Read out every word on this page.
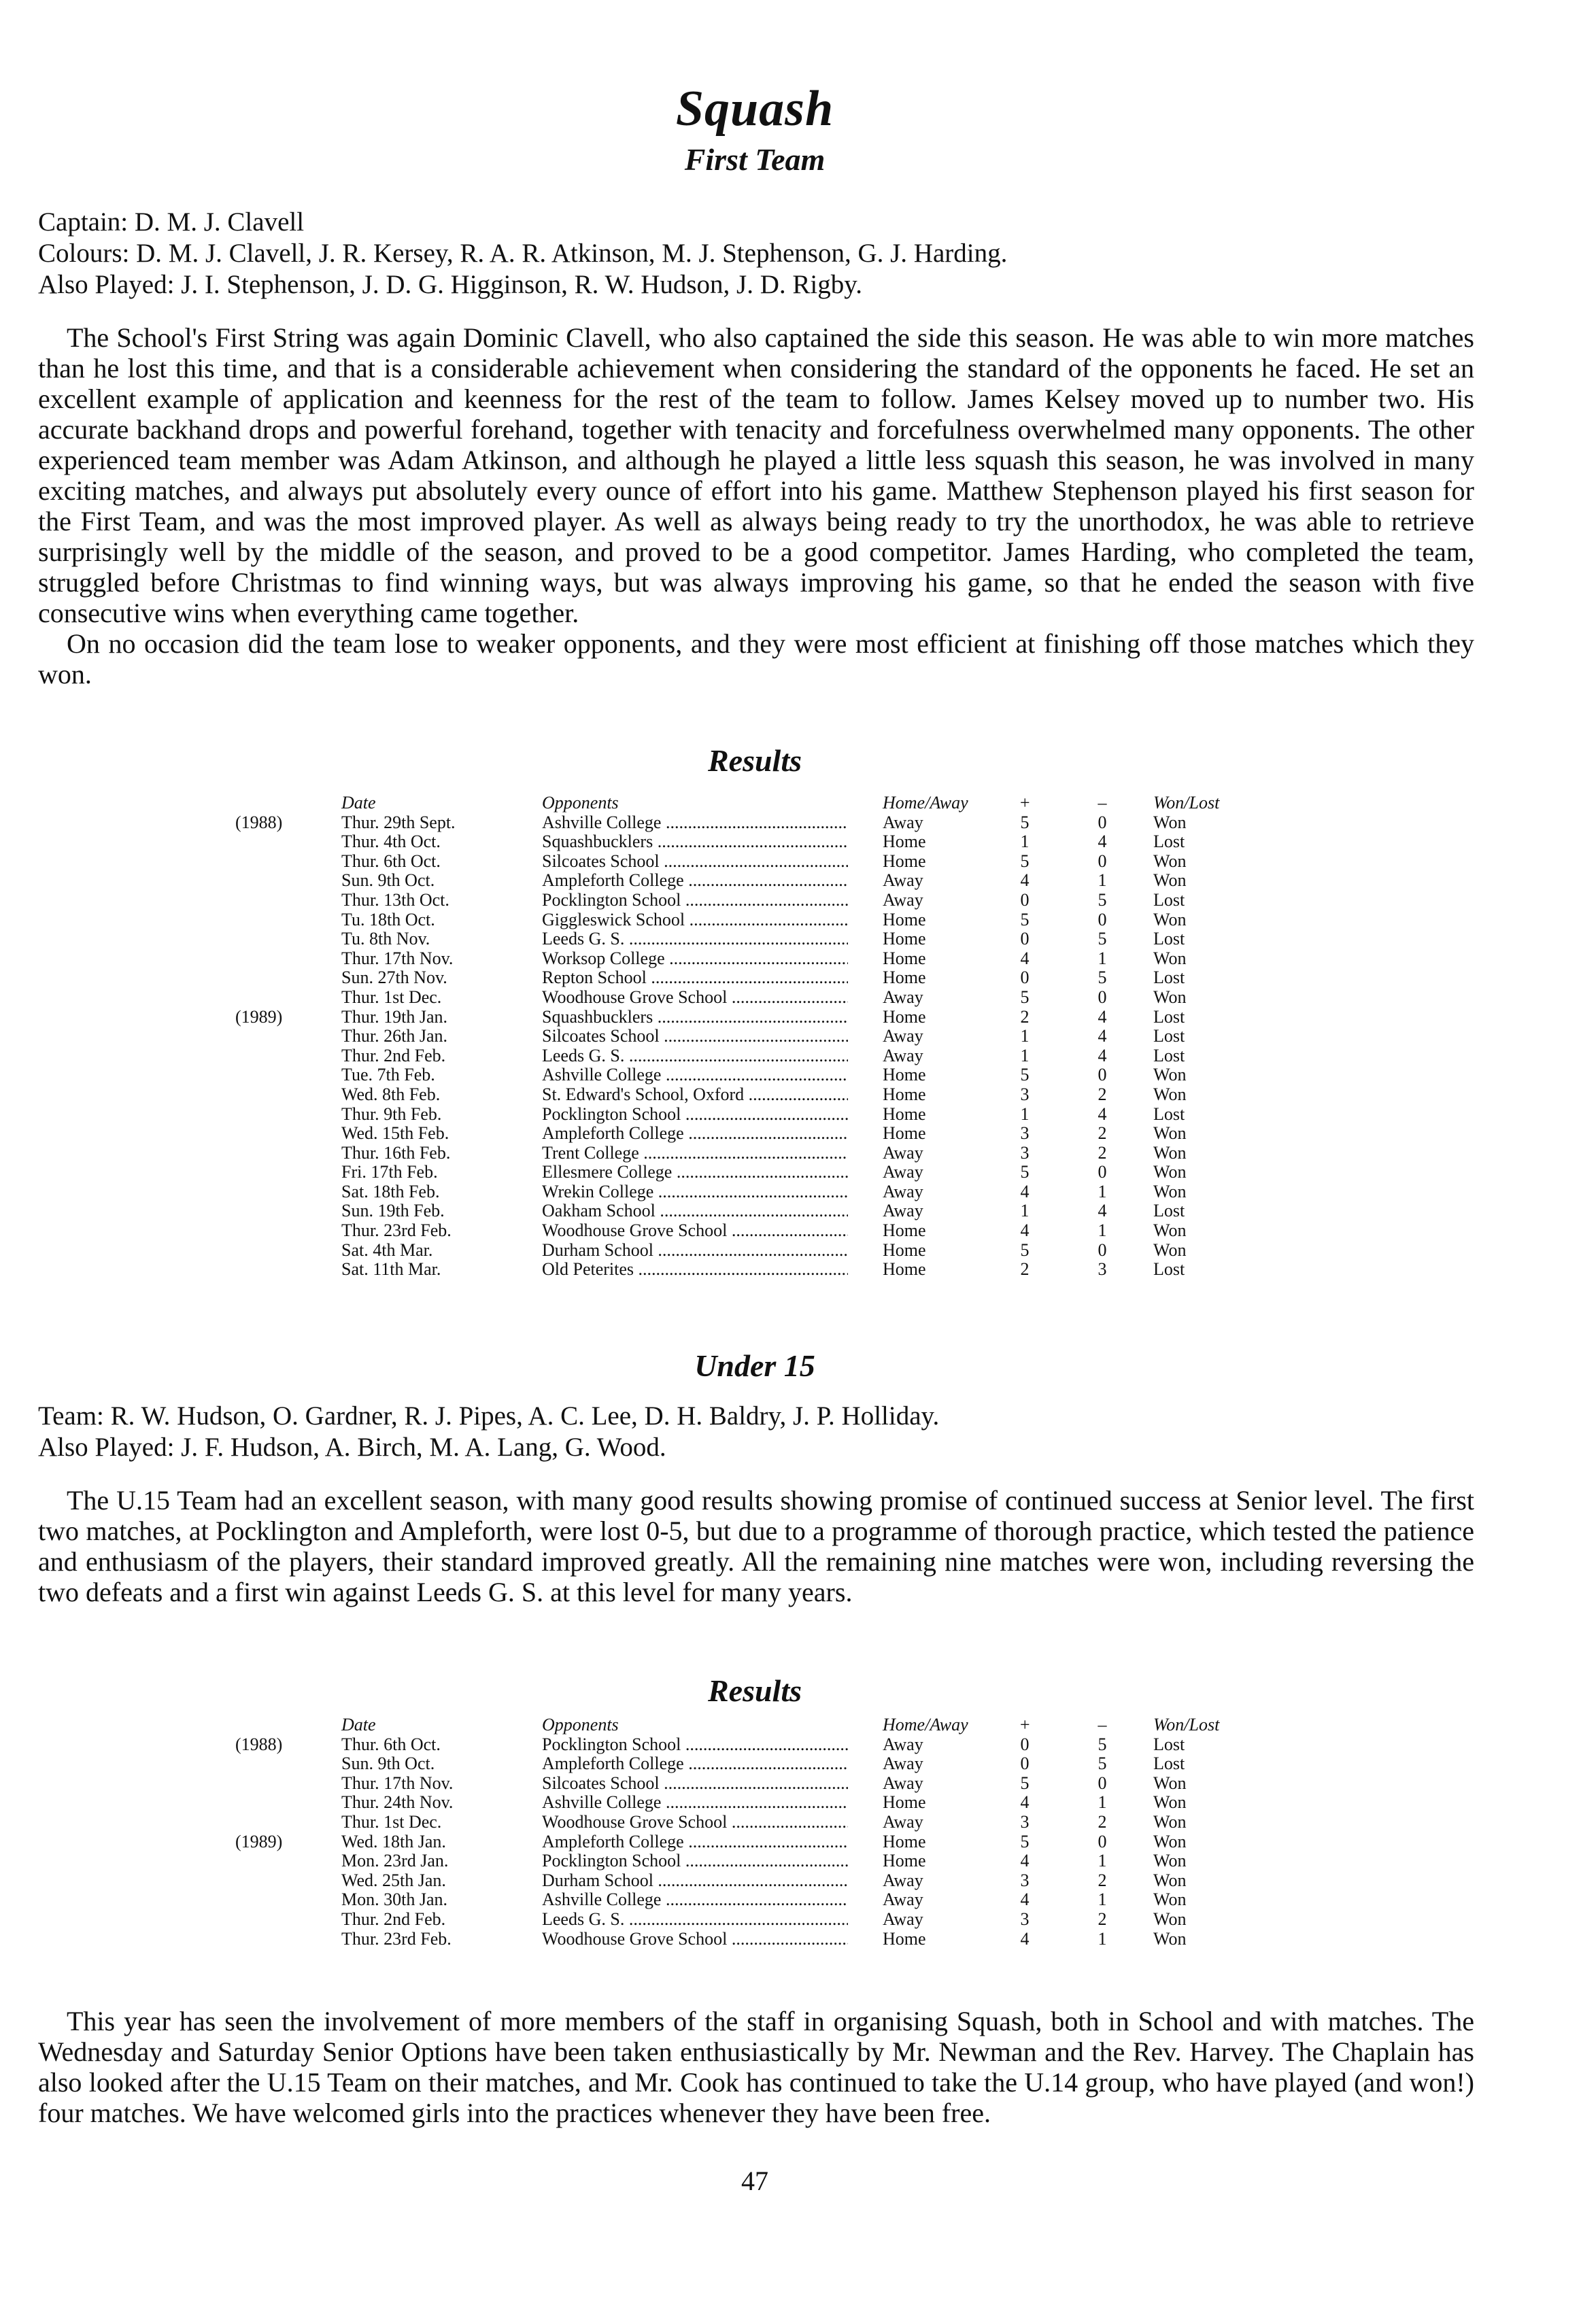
Squash
First Team
Captain: D. M. J. Clavell
Colours: D. M. J. Clavell, J. R. Kersey, R. A. R. Atkinson, M. J. Stephenson, G. J. Harding.
Also Played: J. I. Stephenson, J. D. G. Higginson, R. W. Hudson, J. D. Rigby.

The School's First String was again Dominic Clavell, who also captained the side this season. He was able to win more matches than he lost this time, and that is a considerable achievement when considering the standard of the opponents he faced. He set an excellent example of application and keenness for the rest of the team to follow. James Kelsey moved up to number two. His accurate backhand drops and powerful forehand, together with tenacity and forcefulness overwhelmed many opponents. The other experienced team member was Adam Atkinson, and although he played a little less squash this season, he was involved in many exciting matches, and always put absolutely every ounce of effort into his game. Matthew Stephenson played his first season for the First Team, and was the most improved player. As well as always being ready to try the unorthodox, he was able to retrieve surprisingly well by the middle of the season, and proved to be a good competitor. James Harding, who completed the team, struggled before Christmas to find winning ways, but was always improving his game, so that he ended the season with five consecutive wins when everything came together.

On no occasion did the team lose to weaker opponents, and they were most efficient at finishing off those matches which they won.

Results
Date	Opponents	Home/Away	+	–	Won/Lost
(1988)	Thur. 29th Sept.	Ashville College .....	Away	5	0	Won
Thur. 4th Oct.	Squashbucklers .....	Home	1	4	Lost
Thur. 6th Oct.	Silcoates School .....	Home	5	0	Won
Sun. 9th Oct.	Ampleforth College .....	Away	4	1	Won
Thur. 13th Oct.	Pocklington School .....	Away	0	5	Lost
Tu. 18th Oct.	Giggleswick School .....	Home	5	0	Won
Tu. 8th Nov.	Leeds G. S. .....	Home	0	5	Lost
Thur. 17th Nov.	Worksop College .....	Home	4	1	Won
Sun. 27th Nov.	Repton School .....	Home	0	5	Lost
Thur. 1st Dec.	Woodhouse Grove School .....	Away	5	0	Won
(1989)	Thur. 19th Jan.	Squashbucklers .....	Home	2	4	Lost
Thur. 26th Jan.	Silcoates School .....	Away	1	4	Lost
Thur. 2nd Feb.	Leeds G. S. .....	Away	1	4	Lost
Tue. 7th Feb.	Ashville College .....	Home	5	0	Won
Wed. 8th Feb.	St. Edward's School, Oxford .....	Home	3	2	Won
Thur. 9th Feb.	Pocklington School .....	Home	1	4	Lost
Wed. 15th Feb.	Ampleforth College .....	Home	3	2	Won
Thur. 16th Feb.	Trent College .....	Away	3	2	Won
Fri. 17th Feb.	Ellesmere College .....	Away	5	0	Won
Sat. 18th Feb.	Wrekin College .....	Away	4	1	Won
Sun. 19th Feb.	Oakham School .....	Away	1	4	Lost
Thur. 23rd Feb.	Woodhouse Grove School .....	Home	4	1	Won
Sat. 4th Mar.	Durham School .....	Home	5	0	Won
Sat. 11th Mar.	Old Peterites .....	Home	2	3	Lost
Under 15
Team: R. W. Hudson, O. Gardner, R. J. Pipes, A. C. Lee, D. H. Baldry, J. P. Holliday.
Also Played: J. F. Hudson, A. Birch, M. A. Lang, G. Wood.

The U.15 Team had an excellent season, with many good results showing promise of continued success at Senior level. The first two matches, at Pocklington and Ampleforth, were lost 0-5, but due to a programme of thorough practice, which tested the patience and enthusiasm of the players, their standard improved greatly. All the remaining nine matches were won, including reversing the two defeats and a first win against Leeds G. S. at this level for many years.

Results
Date	Opponents	Home/Away	+	–	Won/Lost
(1988)	Thur. 6th Oct.	Pocklington School .....	Away	0	5	Lost
Sun. 9th Oct.	Ampleforth College .....	Away	0	5	Lost
Thur. 17th Nov.	Silcoates School .....	Away	5	0	Won
Thur. 24th Nov.	Ashville College .....	Home	4	1	Won
Thur. 1st Dec.	Woodhouse Grove School .....	Away	3	2	Won
(1989)	Wed. 18th Jan.	Ampleforth College .....	Home	5	0	Won
Mon. 23rd Jan.	Pocklington School .....	Home	4	1	Won
Wed. 25th Jan.	Durham School .....	Away	3	2	Won
Mon. 30th Jan.	Ashville College .....	Away	4	1	Won
Thur. 2nd Feb.	Leeds G. S. .....	Away	3	2	Won
Thur. 23rd Feb.	Woodhouse Grove School .....	Home	4	1	Won

This year has seen the involvement of more members of the staff in organising Squash, both in School and with matches. The Wednesday and Saturday Senior Options have been taken enthusiastically by Mr. Newman and the Rev. Harvey. The Chaplain has also looked after the U.15 Team on their matches, and Mr. Cook has continued to take the U.14 group, who have played (and won!) four matches. We have welcomed girls into the practices whenever they have been free.

47
